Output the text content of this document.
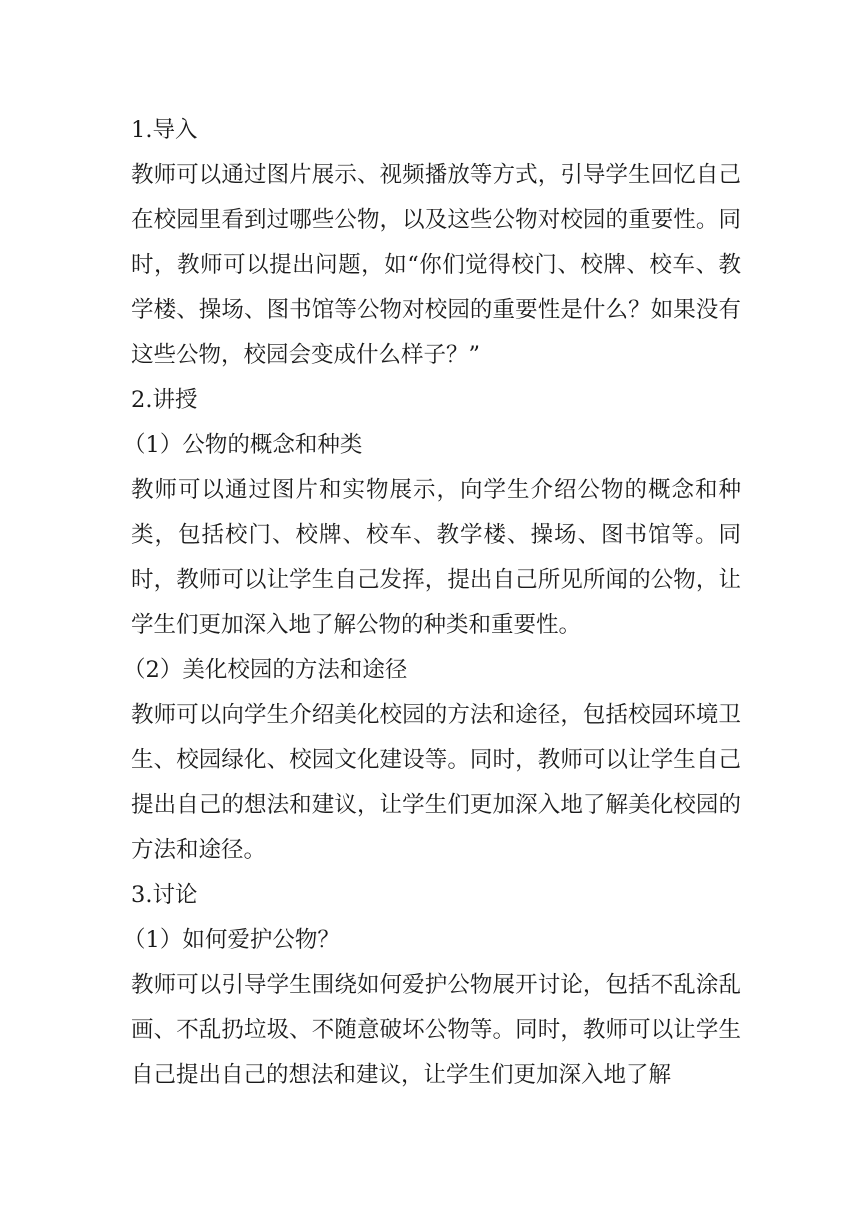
1.导入

教师可以通过图片展示、视频播放等方式，引导学生回忆自己在校园里看到过哪些公物，以及这些公物对校园的重要性。同时，教师可以提出问题，如“你们觉得校门、校牌、校车、教学楼、操场、图书馆等公物对校园的重要性是什么？如果没有这些公物，校园会变成什么样子？”

2.讲授

（1）公物的概念和种类

教师可以通过图片和实物展示，向学生介绍公物的概念和种类，包括校门、校牌、校车、教学楼、操场、图书馆等。同时，教师可以让学生自己发挥，提出自己所见所闻的公物，让学生们更加深入地了解公物的种类和重要性。

（2）美化校园的方法和途径

教师可以向学生介绍美化校园的方法和途径，包括校园环境卫生、校园绿化、校园文化建设等。同时，教师可以让学生自己提出自己的想法和建议，让学生们更加深入地了解美化校园的方法和途径。

3.讨论

（1）如何爱护公物？

教师可以引导学生围绕如何爱护公物展开讨论，包括不乱涂乱画、不乱扔垃圾、不随意破坏公物等。同时，教师可以让学生自己提出自己的想法和建议，让学生们更加深入地了解
